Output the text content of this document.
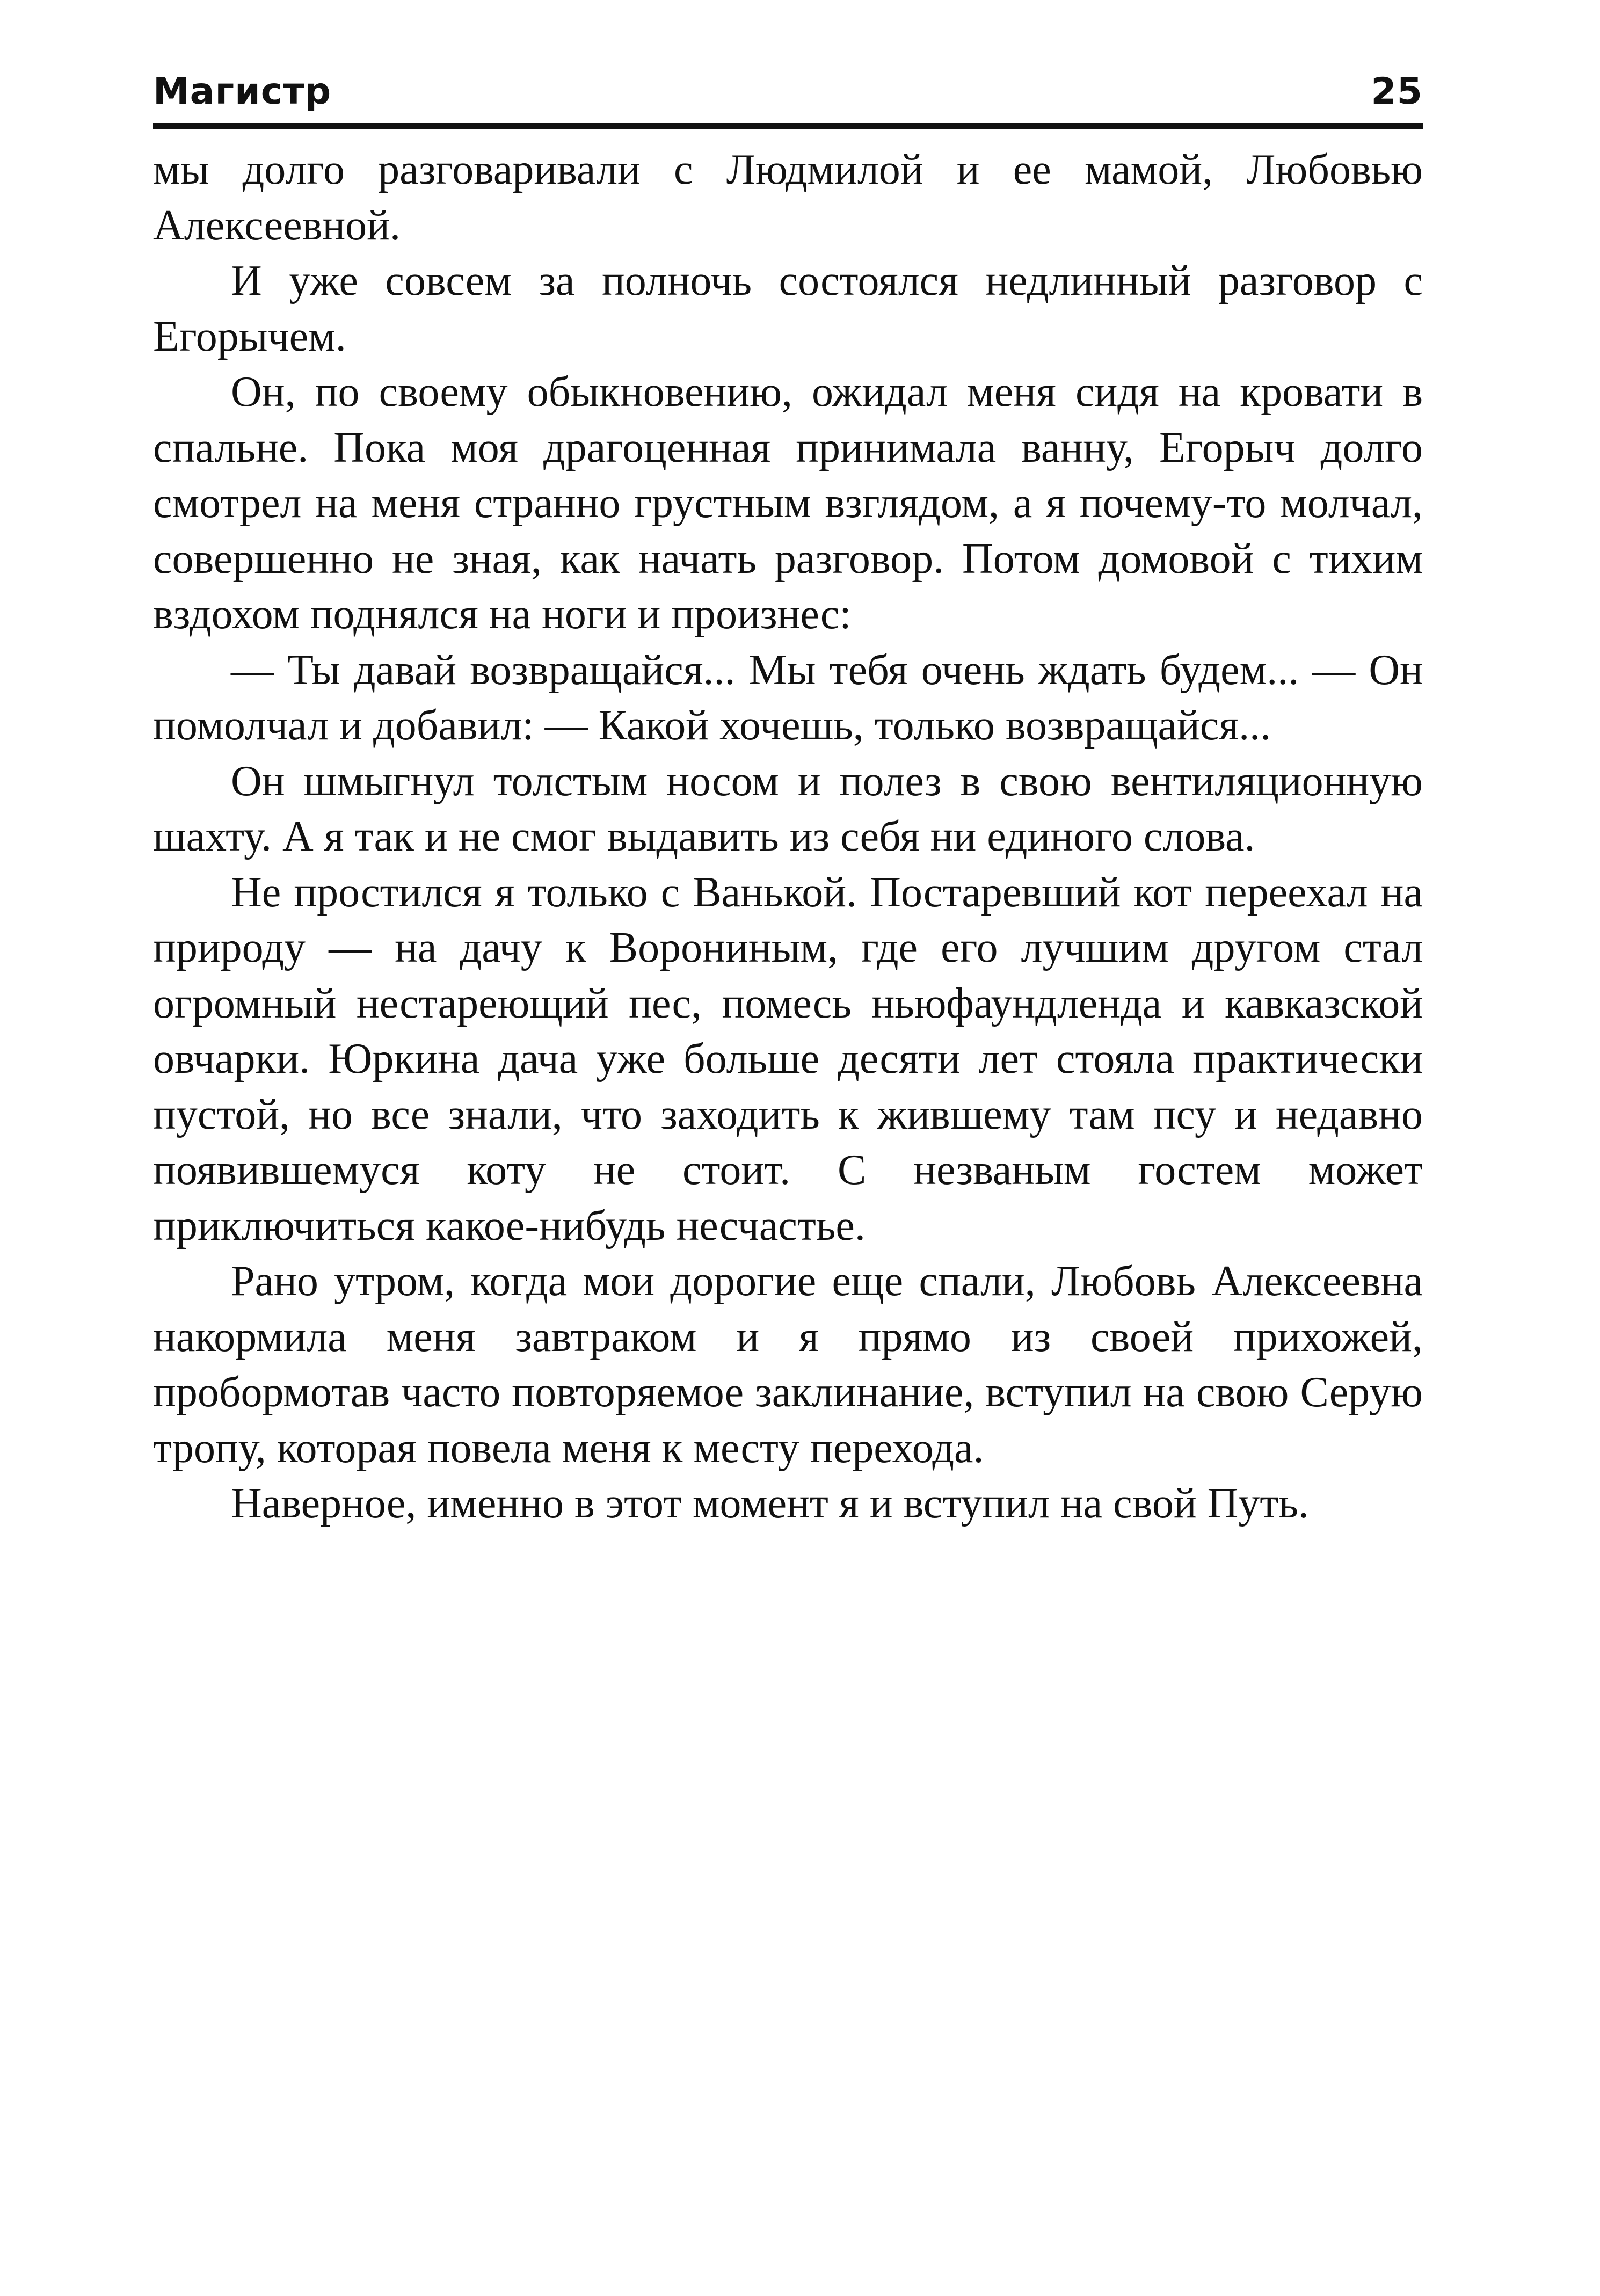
Магистр	25

мы долго разговаривали с Людмилой и ее мамой, Любовью Алексеевной.

И уже совсем за полночь состоялся недлинный разговор с Егорычем.

Он, по своему обыкновению, ожидал меня сидя на кровати в спальне. Пока моя драгоценная принимала ванну, Егорыч долго смотрел на меня странно грустным взглядом, а я почему-то молчал, совершенно не зная, как начать разговор. Потом домовой с тихим вздохом поднялся на ноги и произнес:

— Ты давай возвращайся... Мы тебя очень ждать будем... — Он помолчал и добавил: — Какой хочешь, только возвращайся...

Он шмыгнул толстым носом и полез в свою вентиляционную шахту. А я так и не смог выдавить из себя ни единого слова.

Не простился я только с Ванькой. Постаревший кот переехал на природу — на дачу к Ворониным, где его лучшим другом стал огромный нестареющий пес, помесь ньюфаундленда и кавказской овчарки. Юркина дача уже больше десяти лет стояла практически пустой, но все знали, что заходить к жившему там псу и недавно появившемуся коту не стоит. С незваным гостем может приключиться какое-нибудь несчастье.

Рано утром, когда мои дорогие еще спали, Любовь Алексеевна накормила меня завтраком и я прямо из своей прихожей, пробормотав часто повторяемое заклинание, вступил на свою Серую тропу, которая повела меня к месту перехода.

Наверное, именно в этот момент я и вступил на свой Путь.
